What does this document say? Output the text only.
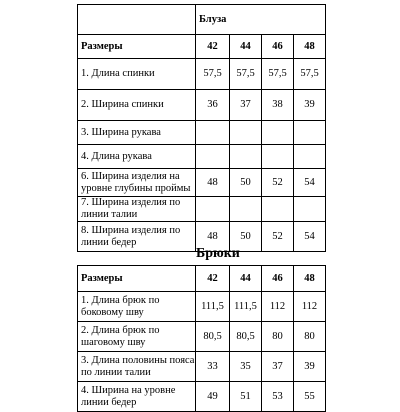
	Блуза			
Размеры	42	44	46	48
1. Длина спинки	57,5	57,5	57,5	57,5
2. Ширина спинки	36	37	38	39
3. Ширина рукава				
4. Длина рукава				
6. Ширина изделия на уровне глубины проймы	48	50	52	54
7. Ширина изделия по линии талии				
8. Ширина изделия по линии бедер	48	50	52	54
Брюки
Размеры	42	44	46	48
1. Длина брюк по боковому шву	111,5	111,5	112	112
2. Длина брюк по шаговому шву	80,5	80,5	80	80
3. Длина половины пояса по линии талии	33	35	37	39
4. Ширина на уровне линии бедер	49	51	53	55
